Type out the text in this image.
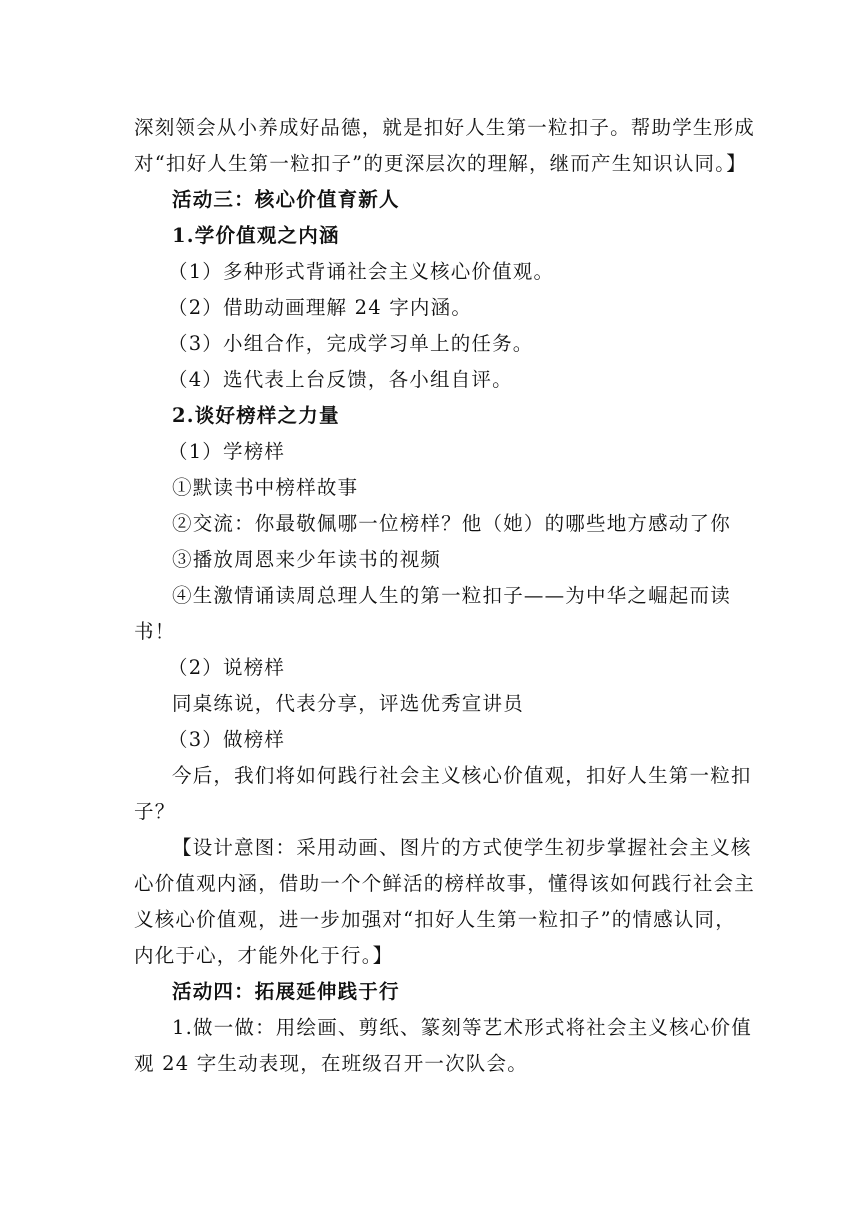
深刻领会从小养成好品德，就是扣好人生第一粒扣子。帮助学生形成
对“扣好人生第一粒扣子”的更深层次的理解，继而产生知识认同。】
活动三：核心价值育新人
1.学价值观之内涵
（1）多种形式背诵社会主义核心价值观。
（2）借助动画理解 24 字内涵。
（3）小组合作，完成学习单上的任务。
（4）选代表上台反馈，各小组自评。
2.谈好榜样之力量
（1）学榜样
①默读书中榜样故事
②交流：你最敬佩哪一位榜样？他（她）的哪些地方感动了你
③播放周恩来少年读书的视频
④生激情诵读周总理人生的第一粒扣子——为中华之崛起而读
书！
（2）说榜样
同桌练说，代表分享，评选优秀宣讲员
（3）做榜样
今后，我们将如何践行社会主义核心价值观，扣好人生第一粒扣
子？
【设计意图：采用动画、图片的方式使学生初步掌握社会主义核
心价值观内涵，借助一个个鲜活的榜样故事，懂得该如何践行社会主
义核心价值观，进一步加强对“扣好人生第一粒扣子”的情感认同，
内化于心，才能外化于行。】
活动四：拓展延伸践于行
1.做一做：用绘画、剪纸、篆刻等艺术形式将社会主义核心价值
观 24 字生动表现，在班级召开一次队会。
